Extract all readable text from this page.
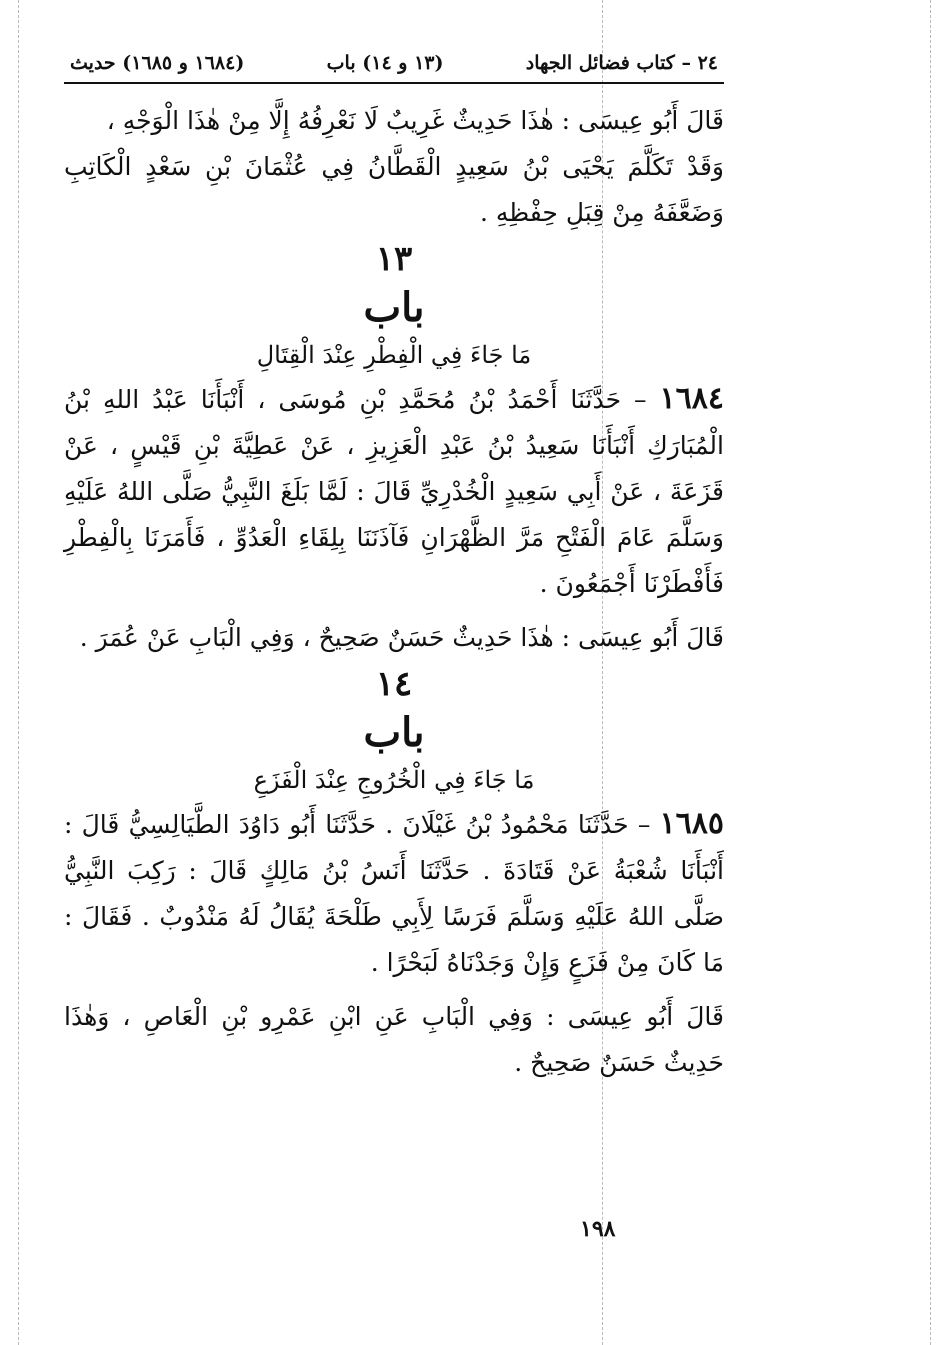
٢٤ – كتاب فضائل الجهاد
(١٣ و ١٤) باب
(١٦٨٤ و ١٦٨٥) حديث

قَالَ أَبُو عِيسَى : هٰذَا حَدِيثٌ غَرِيبٌ لَا نَعْرِفُهُ إِلَّا مِنْ هٰذَا الْوَجْهِ ،

وَقَدْ تَكَلَّمَ يَحْيَى بْنُ سَعِيدٍ الْقَطَّانُ فِي عُثْمَانَ بْنِ سَعْدٍ الْكَاتِبِ وَضَعَّفَهُ مِنْ قِبَلِ حِفْظِهِ .

١٣
باب
مَا جَاءَ فِي الْفِطْرِ عِنْدَ الْقِتَالِ

١٦٨٤ – حَدَّثَنَا أَحْمَدُ بْنُ مُحَمَّدِ بْنِ مُوسَى ، أَنْبَأَنَا عَبْدُ اللهِ بْنُ الْمُبَارَكِ أَنْبَأَنَا سَعِيدُ بْنُ عَبْدِ الْعَزِيزِ ، عَنْ عَطِيَّةَ بْنِ قَيْسٍ ، عَنْ قَزَعَةَ ، عَنْ أَبِي سَعِيدٍ الْخُدْرِيِّ قَالَ : لَمَّا بَلَغَ النَّبِيُّ صَلَّى اللهُ عَلَيْهِ وَسَلَّمَ عَامَ الْفَتْحِ مَرَّ الظَّهْرَانِ فَآذَنَنَا بِلِقَاءِ الْعَدُوِّ ، فَأَمَرَنَا بِالْفِطْرِ فَأَفْطَرْنَا أَجْمَعُونَ .

قَالَ أَبُو عِيسَى : هٰذَا حَدِيثٌ حَسَنٌ صَحِيحٌ ، وَفِي الْبَابِ عَنْ عُمَرَ .

١٤
باب
مَا جَاءَ فِي الْخُرُوجِ عِنْدَ الْفَزَعِ

١٦٨٥ – حَدَّثَنَا مَحْمُودُ بْنُ غَيْلَانَ . حَدَّثَنَا أَبُو دَاوُدَ الطَّيَالِسِيُّ قَالَ : أَنْبَأَنَا شُعْبَةُ عَنْ قَتَادَةَ . حَدَّثَنَا أَنَسُ بْنُ مَالِكٍ قَالَ : رَكِبَ النَّبِيُّ صَلَّى اللهُ عَلَيْهِ وَسَلَّمَ فَرَسًا لِأَبِي طَلْحَةَ يُقَالُ لَهُ مَنْدُوبٌ . فَقَالَ : مَا كَانَ مِنْ فَزَعٍ وَإِنْ وَجَدْنَاهُ لَبَحْرًا .

قَالَ أَبُو عِيسَى : وَفِي الْبَابِ عَنِ ابْنِ عَمْرِو بْنِ الْعَاصِ ، وَهٰذَا حَدِيثٌ حَسَنٌ صَحِيحٌ .

١٩٨
